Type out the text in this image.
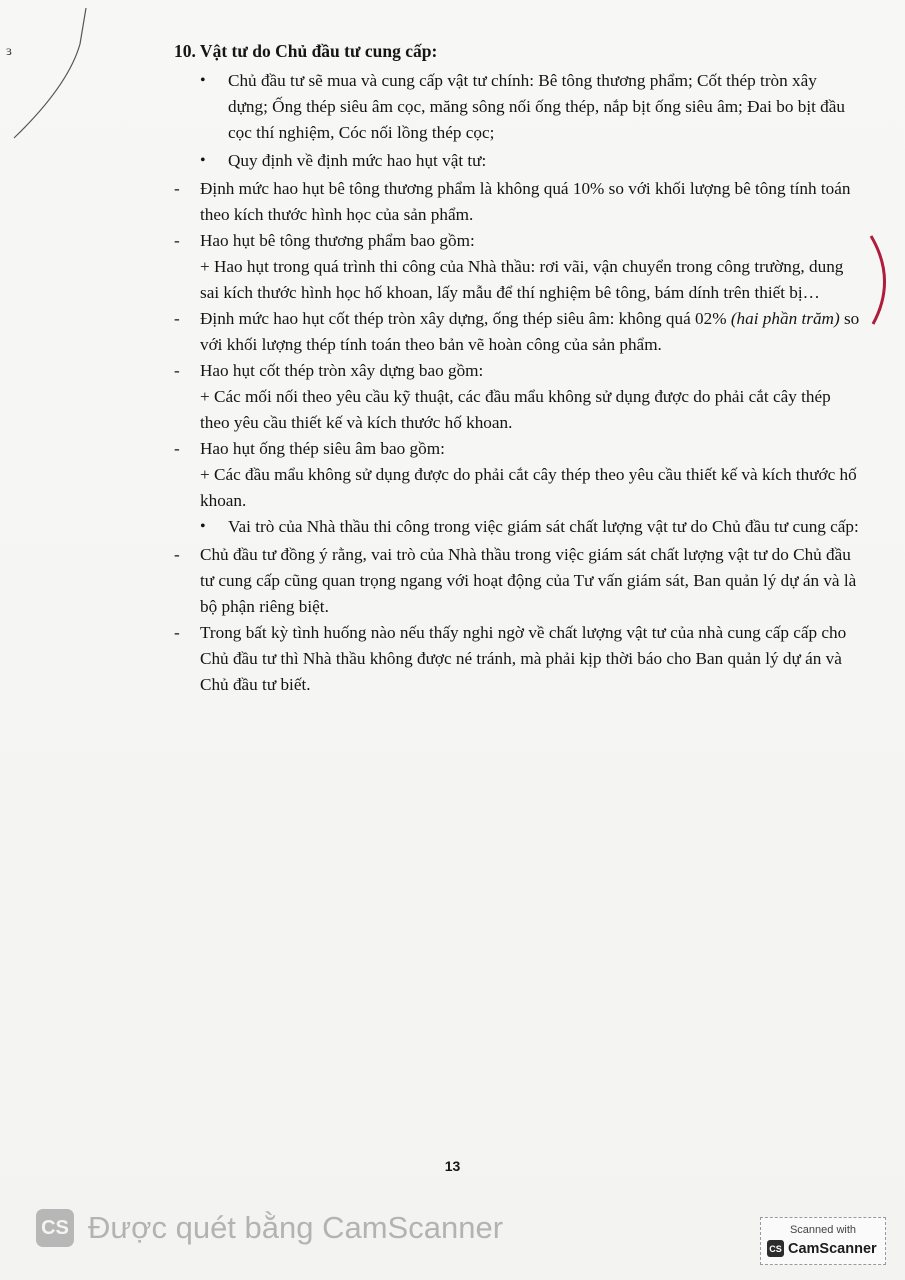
ɜ	10. Vật tư do Chủ đầu tư cung cấp:

• Chủ đầu tư sẽ mua và cung cấp vật tư chính: Bê tông thương phẩm; Cốt thép tròn xây dựng; Ống thép siêu âm cọc, măng sông nối ống thép, nắp bịt ống siêu âm; Đai bo bịt đầu cọc thí nghiệm, Cóc nối lồng thép cọc;

• Quy định về định mức hao hụt vật tư:

- Định mức hao hụt bê tông thương phẩm là không quá 10% so với khối lượng bê tông tính toán theo kích thước hình học của sản phẩm.

- Hao hụt bê tông thương phẩm bao gồm:

+ Hao hụt trong quá trình thi công của Nhà thầu: rơi vãi, vận chuyển trong công trường, dung sai kích thước hình học hố khoan, lấy mẫu để thí nghiệm bê tông, bám dính trên thiết bị…

- Định mức hao hụt cốt thép tròn xây dựng, ống thép siêu âm: không quá 02% (hai phần trăm) so với khối lượng thép tính toán theo bản vẽ hoàn công của sản phẩm.

- Hao hụt cốt thép tròn xây dựng bao gồm:

+ Các mối nối theo yêu cầu kỹ thuật, các đầu mẩu không sử dụng được do phải cắt cây thép theo yêu cầu thiết kế và kích thước hố khoan.

- Hao hụt ống thép siêu âm bao gồm:

+ Các đầu mẩu không sử dụng được do phải cắt cây thép theo yêu cầu thiết kế và kích thước hố khoan.

• Vai trò của Nhà thầu thi công trong việc giám sát chất lượng vật tư do Chủ đầu tư cung cấp:

- Chủ đầu tư đồng ý rằng, vai trò của Nhà thầu trong việc giám sát chất lượng vật tư do Chủ đầu tư cung cấp cũng quan trọng ngang với hoạt động của Tư vấn giám sát, Ban quản lý dự án và là bộ phận riêng biệt.

- Trong bất kỳ tình huống nào nếu thấy nghi ngờ về chất lượng vật tư của nhà cung cấp cấp cho Chủ đầu tư thì Nhà thầu không được né tránh, mà phải kịp thời báo cho Ban quản lý dự án và Chủ đầu tư biết.

13
CS Được quét bằng CamScanner	Scanned with
CS CamScanner
